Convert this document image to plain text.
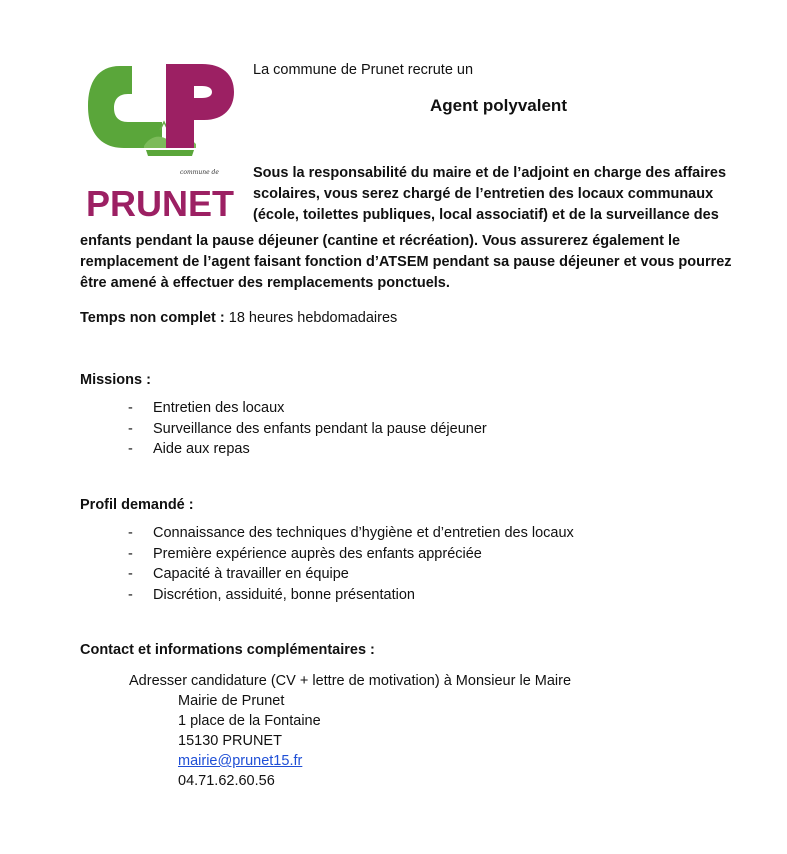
commune de
PRUNET
La commune de Prunet recrute un
Agent polyvalent
Sous la responsabilité du maire et de l’adjoint en charge des affaires
scolaires, vous serez chargé de l’entretien des locaux communaux
(école, toilettes publiques, local associatif) et de la surveillance des
enfants pendant la pause déjeuner (cantine et récréation). Vous assurerez également le
remplacement de l’agent faisant fonction d’ATSEM pendant sa pause déjeuner et vous pourrez
être amené à effectuer des remplacements ponctuels.
Temps non complet : 18 heures hebdomadaires
Missions :
- Entretien des locaux
- Surveillance des enfants pendant la pause déjeuner
- Aide aux repas
Profil demandé :
- Connaissance des techniques d’hygiène et d’entretien des locaux
- Première expérience auprès des enfants appréciée
- Capacité à travailler en équipe
- Discrétion, assiduité, bonne présentation
Contact et informations complémentaires :
Adresser candidature (CV + lettre de motivation) à Monsieur le Maire
Mairie de Prunet
1 place de la Fontaine
15130 PRUNET
mairie@prunet15.fr
04.71.62.60.56
